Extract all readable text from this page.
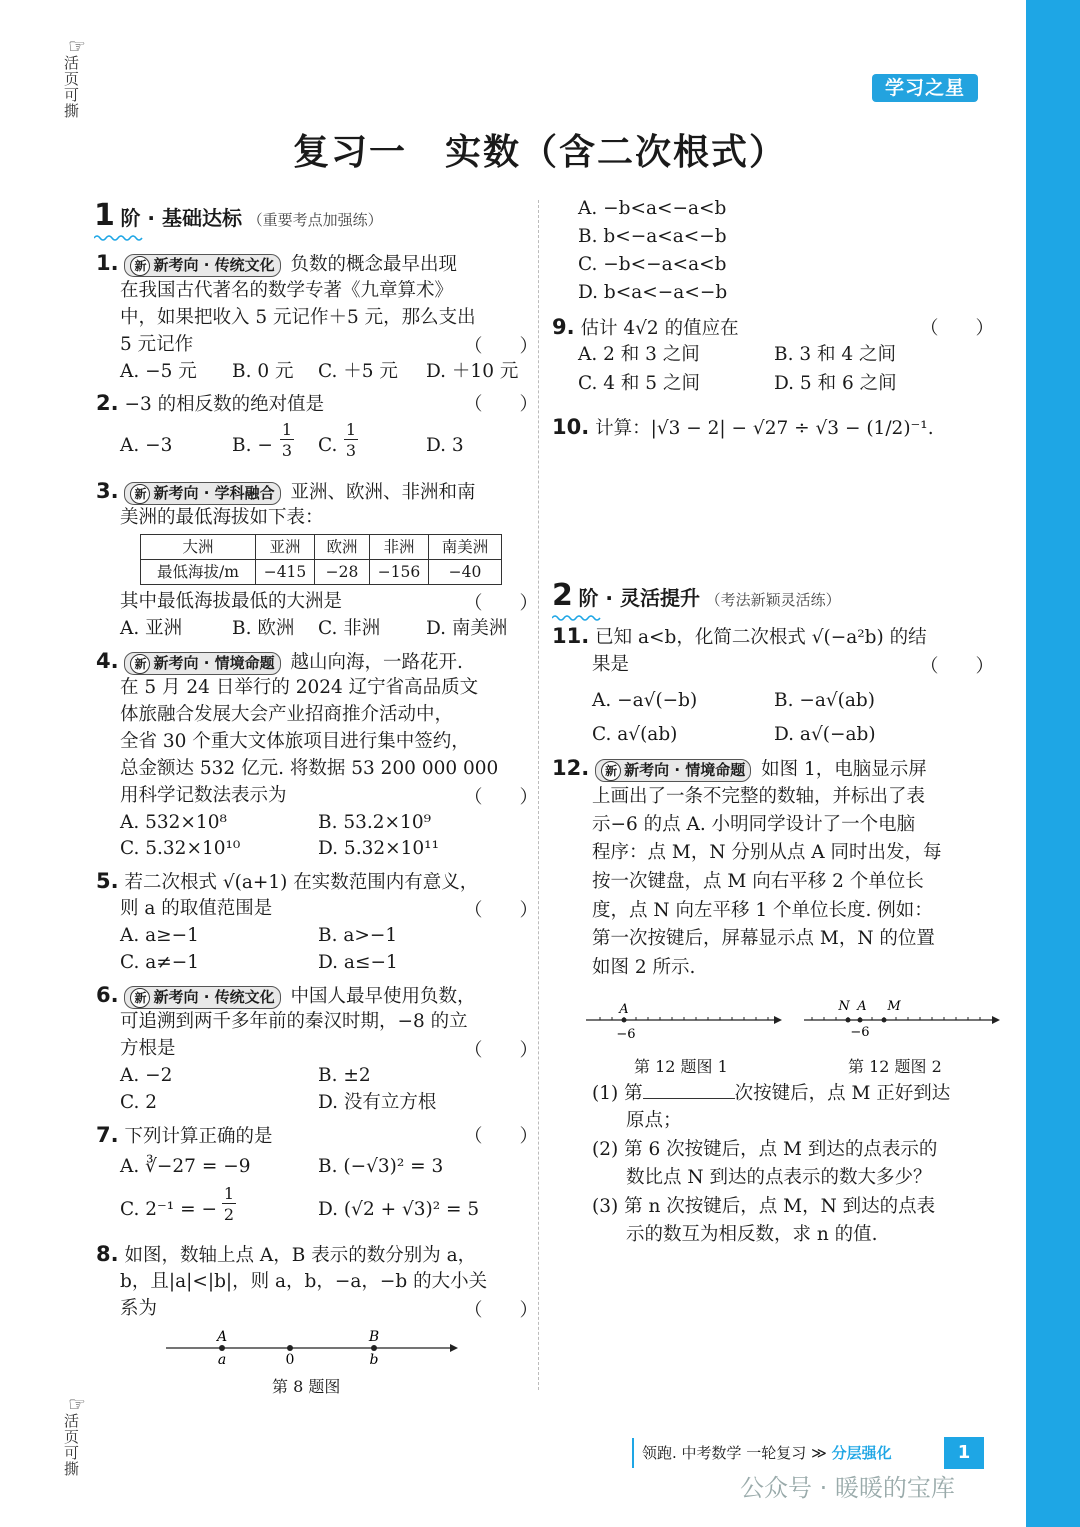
☞
活页可撕
☞
活页可撕
学习之星
复习一　实数（含二次根式）
1 阶 · 基础达标 （重要考点加强练）
1. 新 新考向 · 传统文化 负数的概念最早出现
在我国古代著名的数学专著《九章算术》
中，如果把收入 5 元记作＋5 元，那么支出
5 元记作	（　　）
A. −5 元 B. 0 元 C. ＋5 元 D. ＋10 元
2. −3 的相反数的绝对值是	（　　）
A. −3	B. − $\frac{1}{3} C$. $\frac{1}{3}$	D. 3
3. 新 新考向 · 学科融合 亚洲、欧洲、非洲和南
美洲的最低海拔如下表：
大洲	亚洲	欧洲	非洲	南美洲
最低海拔/m	−415	−28	−156	−40
其中最低海拔最低的大洲是	（　　）
A. 亚洲	B. 欧洲 C. 非洲 D. 南美洲
4. 新 新考向 · 情境命题 越山向海，一路花开.
在 5 月 24 日举行的 2024 辽宁省高品质文
体旅融合发展大会产业招商推介活动中，
全省 30 个重大文体旅项目进行集中签约，
总金额达 532 亿元. 将数据 53 200 000 000
用科学记数法表示为	（　　）
A. 532×10⁸	B. 53.2×10⁹
C. 5.32×10¹⁰	D. 5.32×10¹¹
5. 若二次根式 √(a+1) 在实数范围内有意义，
则 a 的取值范围是	（　　）
A. a≥−1	B. a>−1
C. a≠−1	D. a≤−1
6. 新 新考向 · 传统文化 中国人最早使用负数，
可追溯到两千多年前的秦汉时期，−8 的立
方根是	（　　）
A. −2	B. ±2
C. 2	D. 没有立方根
7. 下列计算正确的是	（　　）
A. ∛−27 = −9	B. (−√3)² = 3
C. 2⁻¹ = − $\frac{1}{2}$	D. (√2 + √3)² = 5
8. 如图，数轴上点 A，B 表示的数分别为 a，
b，且|a|<|b|，则 a，b，−a，−b 的大小关
系为	（　　）
A
a	0
B
b
第 8 题图
A. −b<a<−a<b
B. b<−a<a<−b
C. −b<−a<a<b
D. b<a<−a<−b
9. 估计 4√2 的值应在	（　　）
A. 2 和 3 之间	B. 3 和 4 之间
C. 4 和 5 之间	D. 5 和 6 之间
10. 计算：|√3 − 2| − √27 ÷ √3 − (1/2)⁻¹.
2 阶 · 灵活提升 （考法新颖灵活练）
11. 已知 a<b，化简二次根式 √(−a²b) 的结
果是	（　　）
A. −a√(−b)	B. −a√(ab)
C. a√(ab)	D. a√(−ab)
12. 新 新考向 · 情境命题 如图 1，电脑显示屏
上画出了一条不完整的数轴，并标出了表
示−6 的点 A. 小明同学设计了一个电脑
程序：点 M，N 分别从点 A 同时出发，每
按一次键盘，点 M 向右平移 2 个单位长
度，点 N 向左平移 1 个单位长度. 例如：
第一次按键后，屏幕显示点 M，N 的位置
如图 2 所示.
A
−6
N A M
−6
第 12 题图 1	第 12 题图 2
(1) 第	次按键后，点 M 正好到达
原点；
(2) 第 6 次按键后，点 M 到达的点表示的
数比点 N 到达的点表示的数大多少？
(3) 第 n 次按键后，点 M，N 到达的点表
示的数互为相反数，求 n 的值.
领跑. 中考数学 一轮复习 ≫ 分层强化	1
公众号 · 暖暖的宝库
